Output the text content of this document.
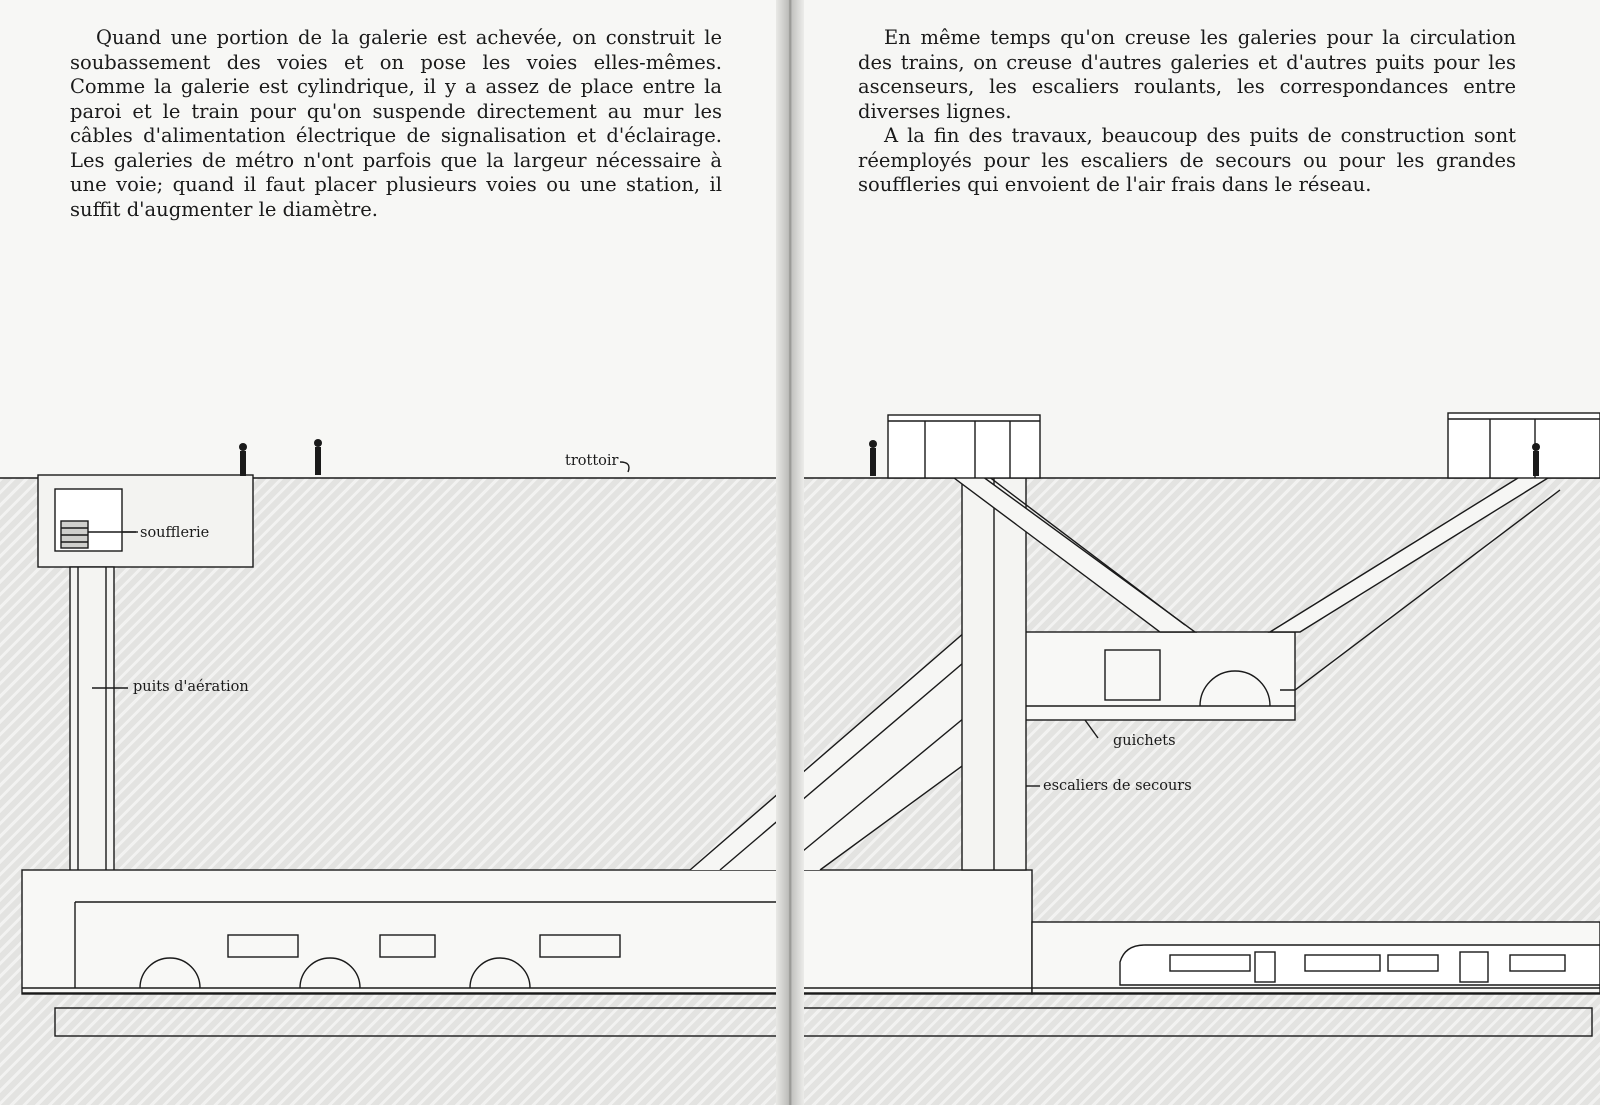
Quand une portion de la galerie est achevée, on construit le soubassement des voies et on pose les voies elles-mêmes. Comme la galerie est cylindrique, il y a assez de place entre la paroi et le train pour qu'on suspende directement au mur les câbles d'alimentation électrique de signalisation et d'éclairage. Les galeries de métro n'ont parfois que la largeur nécessaire à une voie; quand il faut placer plusieurs voies ou une station, il suffit d'augmenter le diamètre.

En même temps qu'on creuse les galeries pour la circulation des trains, on creuse d'autres galeries et d'autres puits pour les ascenseurs, les escaliers roulants, les correspondances entre diverses lignes.

A la fin des travaux, beaucoup des puits de construction sont réemployés pour les escaliers de secours ou pour les grandes souffleries qui envoient de l'air frais dans le réseau.

trottoir
soufflerie
puits d'aération
guichets
escaliers de secours
